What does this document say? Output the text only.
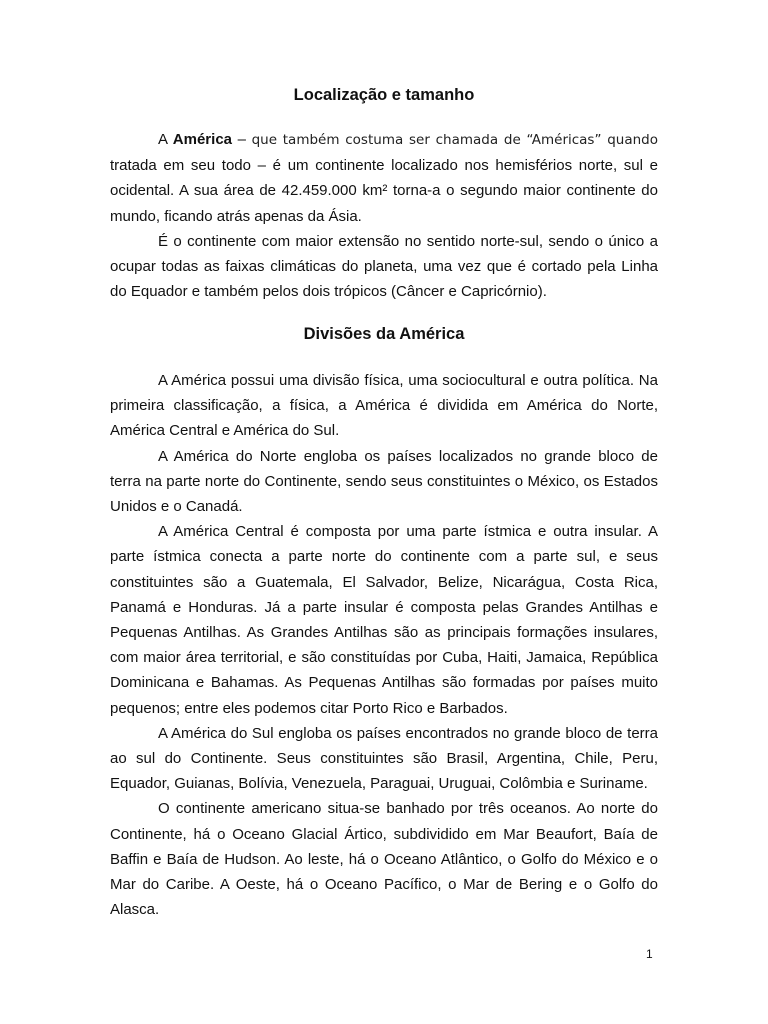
Localização e tamanho

A América – que também costuma ser chamada de “Américas” quando tratada em seu todo – é um continente localizado nos hemisférios norte, sul e ocidental. A sua área de 42.459.000 km² torna-a o segundo maior continente do mundo, ficando atrás apenas da Ásia.

É o continente com maior extensão no sentido norte-sul, sendo o único a ocupar todas as faixas climáticas do planeta, uma vez que é cortado pela Linha do Equador e também pelos dois trópicos (Câncer e Capricórnio).

Divisões da América

A América possui uma divisão física, uma sociocultural e outra política. Na primeira classificação, a física, a América é dividida em América do Norte, América Central e América do Sul.

A América do Norte engloba os países localizados no grande bloco de terra na parte norte do Continente, sendo seus constituintes o México, os Estados Unidos e o Canadá.

A América Central é composta por uma parte ístmica e outra insular. A parte ístmica conecta a parte norte do continente com a parte sul, e seus constituintes são a Guatemala, El Salvador, Belize, Nicarágua, Costa Rica, Panamá e Honduras. Já a parte insular é composta pelas Grandes Antilhas e Pequenas Antilhas. As Grandes Antilhas são as principais formações insulares, com maior área territorial, e são constituídas por Cuba, Haiti, Jamaica, República Dominicana e Bahamas. As Pequenas Antilhas são formadas por países muito pequenos; entre eles podemos citar Porto Rico e Barbados.

A América do Sul engloba os países encontrados no grande bloco de terra ao sul do Continente. Seus constituintes são Brasil, Argentina, Chile, Peru, Equador, Guianas, Bolívia, Venezuela, Paraguai, Uruguai, Colômbia e Suriname.

O continente americano situa-se banhado por três oceanos. Ao norte do Continente, há o Oceano Glacial Ártico, subdividido em Mar Beaufort, Baía de Baffin e Baía de Hudson. Ao leste, há o Oceano Atlântico, o Golfo do México e o Mar do Caribe. A Oeste, há o Oceano Pacífico, o Mar de Bering e o Golfo do Alasca.

1
